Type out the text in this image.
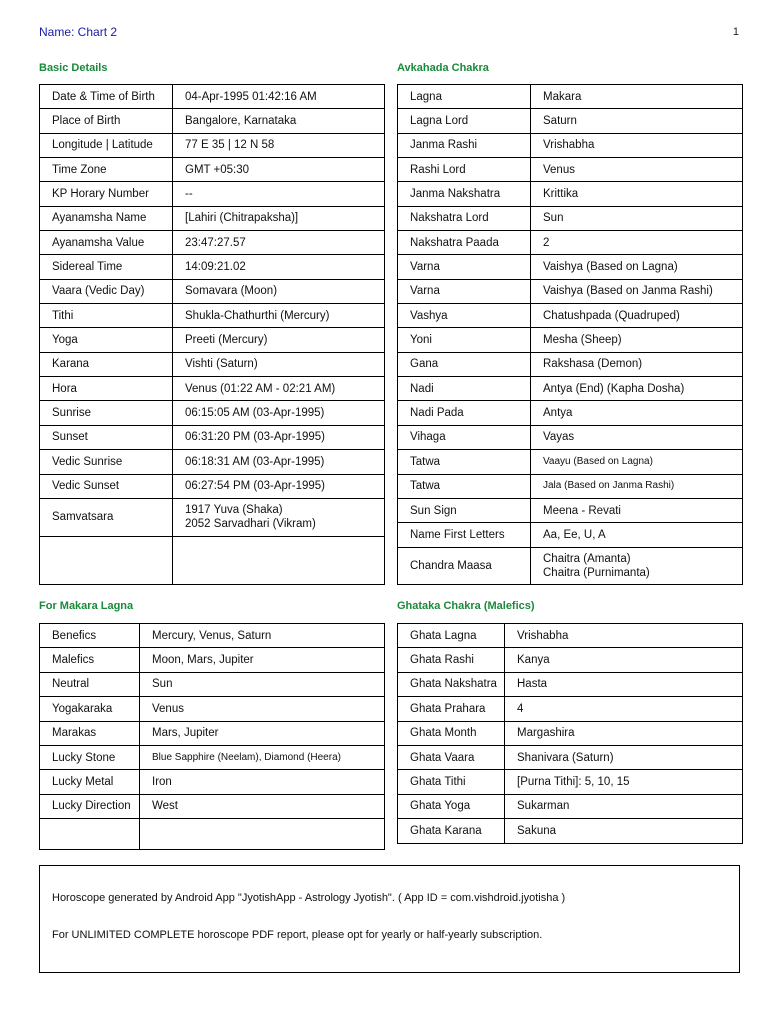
Name: Chart 2	1
Basic Details
Date & Time of Birth	04-Apr-1995 01:42:16 AM
Place of Birth	Bangalore, Karnataka
Longitude | Latitude	77 E 35 | 12 N 58
Time Zone	GMT +05:30
KP Horary Number	--
Ayanamsha Name	[Lahiri (Chitrapaksha)]
Ayanamsha Value	23:47:27.57
Sidereal Time	14:09:21.02
Vaara (Vedic Day)	Somavara (Moon)
Tithi	Shukla-Chathurthi (Mercury)
Yoga	Preeti (Mercury)
Karana	Vishti (Saturn)
Hora	Venus (01:22 AM - 02:21 AM)
Sunrise	06:15:05 AM (03-Apr-1995)
Sunset	06:31:20 PM (03-Apr-1995)
Vedic Sunrise	06:18:31 AM (03-Apr-1995)
Vedic Sunset	06:27:54 PM (03-Apr-1995)
Samvatsara	1917 Yuva (Shaka)
2052 Sarvadhari (Vikram)

Avkahada Chakra
Lagna	Makara
Lagna Lord	Saturn
Janma Rashi	Vrishabha
Rashi Lord	Venus
Janma Nakshatra	Krittika
Nakshatra Lord	Sun
Nakshatra Paada	2
Varna	Vaishya (Based on Lagna)
Varna	Vaishya (Based on Janma Rashi)
Vashya	Chatushpada (Quadruped)
Yoni	Mesha (Sheep)
Gana	Rakshasa (Demon)
Nadi	Antya (End) (Kapha Dosha)
Nadi Pada	Antya
Vihaga	Vayas
Tatwa	Vaayu (Based on Lagna)
Tatwa	Jala (Based on Janma Rashi)
Sun Sign	Meena - Revati
Name First Letters	Aa, Ee, U, A
Chandra Maasa	Chaitra (Amanta)
Chaitra (Purnimanta)
For Makara Lagna
Benefics	Mercury, Venus, Saturn
Malefics	Moon, Mars, Jupiter
Neutral	Sun
Yogakaraka	Venus
Marakas	Mars, Jupiter
Lucky Stone	Blue Sapphire (Neelam), Diamond (Heera)
Lucky Metal	Iron
Lucky Direction	West

Ghataka Chakra (Malefics)
Ghata Lagna	Vrishabha
Ghata Rashi	Kanya
Ghata Nakshatra	Hasta
Ghata Prahara	4
Ghata Month	Margashira
Ghata Vaara	Shanivara (Saturn)
Ghata Tithi	[Purna Tithi]: 5, 10, 15
Ghata Yoga	Sukarman
Ghata Karana	Sakuna

Horoscope generated by Android App "JyotishApp - Astrology Jyotish". ( App ID = com.vishdroid.jyotisha )

For UNLIMITED COMPLETE horoscope PDF report, please opt for yearly or half-yearly subscription.
